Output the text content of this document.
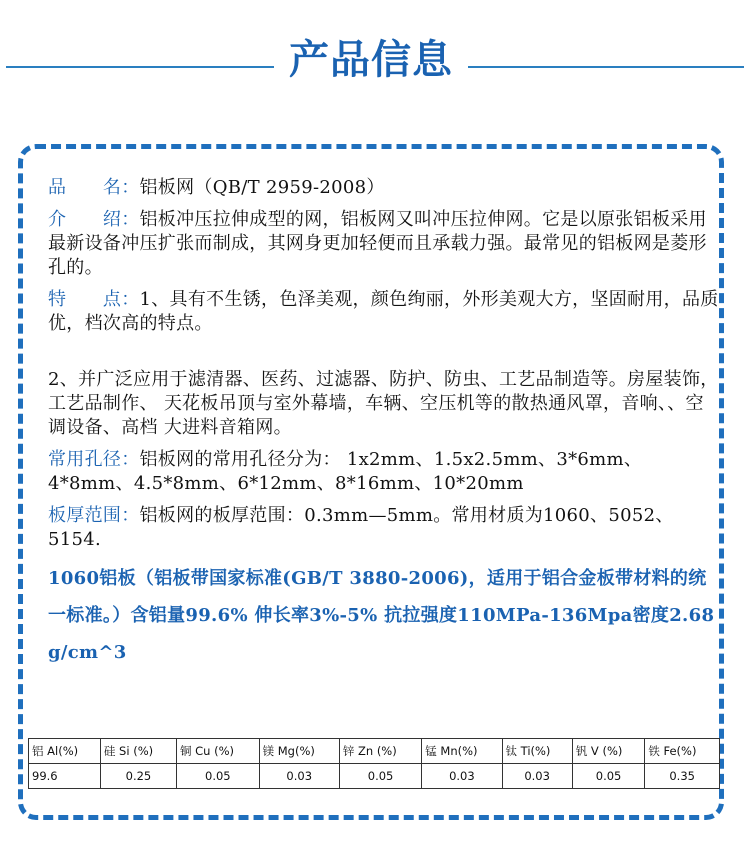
产品信息

品　　名：铝板网（QB/T 2959-2008）

介　　绍：铝板冲压拉伸成型的网，铝板网又叫冲压拉伸网。它是以原张铝板采用最新设备冲压扩张而制成，其网身更加轻便而且承载力强。最常见的铝板网是菱形孔的。

特　　点：1、具有不生锈，色泽美观，颜色绚丽，外形美观大方，坚固耐用，品质优，档次高的特点。

2、并广泛应用于滤清器、医药、过滤器、防护、防虫、工艺品制造等。房屋装饰，工艺品制作、 天花板吊顶与室外幕墙，车辆、空压机等的散热通风罩，音响、、空调设备、高档 大进料音箱网。

常用孔径：铝板网的常用孔径分为： 1x2mm、1.5x2.5mm、3*6mm、4*8mm、4.5*8mm、6*12mm、8*16mm、10*20mm

板厚范围：铝板网的板厚范围：0.3mm—5mm。常用材质为1060、5052、5154.

1060铝板（铝板带国家标准(GB/T 3880-2006)，适用于铝合金板带材料的统一标准。）含铝量99.6% 伸长率3%-5% 抗拉强度110MPa-136Mpa密度2.68 g/cm^3

铝 Al(%)	硅 Si (%)	铜 Cu (%)	镁 Mg(%)	锌 Zn (%)	锰 Mn(%)	钛 Ti(%)	钒 V (%)	铁 Fe(%)
99.6	0.25	0.05	0.03	0.05	0.03	0.03	0.05	0.35
